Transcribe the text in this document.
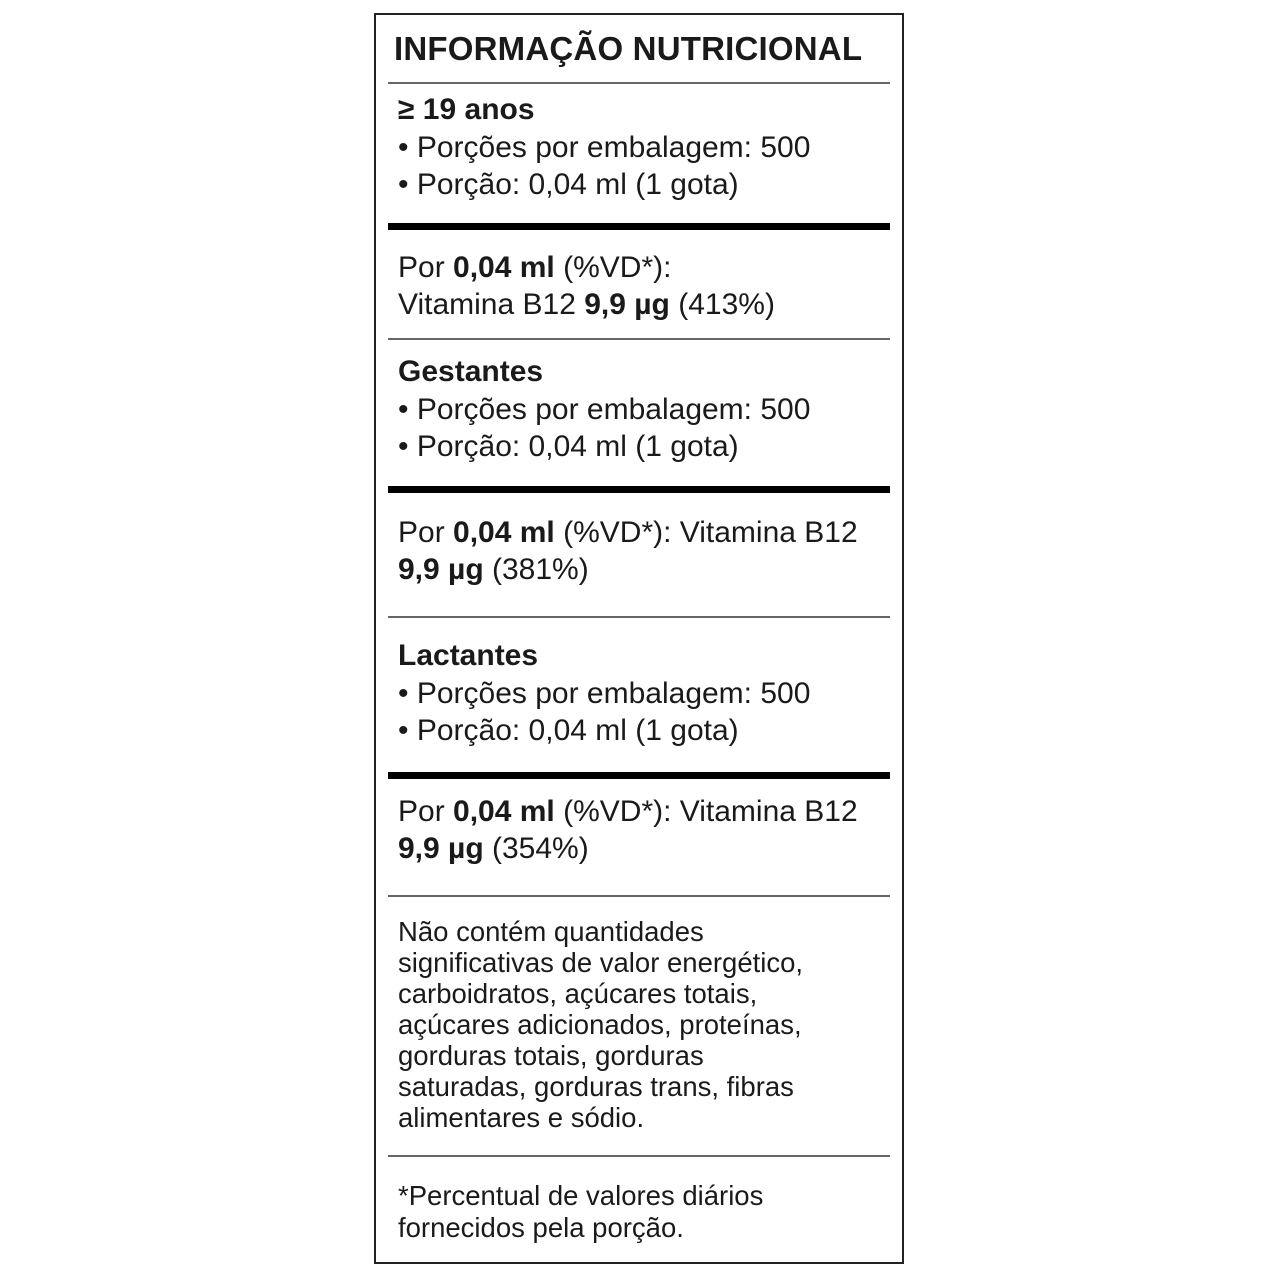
INFORMAÇÃO NUTRICIONAL
≥ 19 anos
• Porções por embalagem: 500
• Porção: 0,04 ml (1 gota)
Por 0,04 ml (%VD*):
Vitamina B12 9,9 µg (413%)
Gestantes
• Porções por embalagem: 500
• Porção: 0,04 ml (1 gota)
Por 0,04 ml (%VD*): Vitamina B12
9,9 µg (381%)
Lactantes
• Porções por embalagem: 500
• Porção: 0,04 ml (1 gota)
Por 0,04 ml (%VD*): Vitamina B12
9,9 µg (354%)
Não contém quantidades
significativas de valor energético,
carboidratos, açúcares totais,
açúcares adicionados, proteínas,
gorduras totais, gorduras
saturadas, gorduras trans, fibras
alimentares e sódio.
*Percentual de valores diários
fornecidos pela porção.
